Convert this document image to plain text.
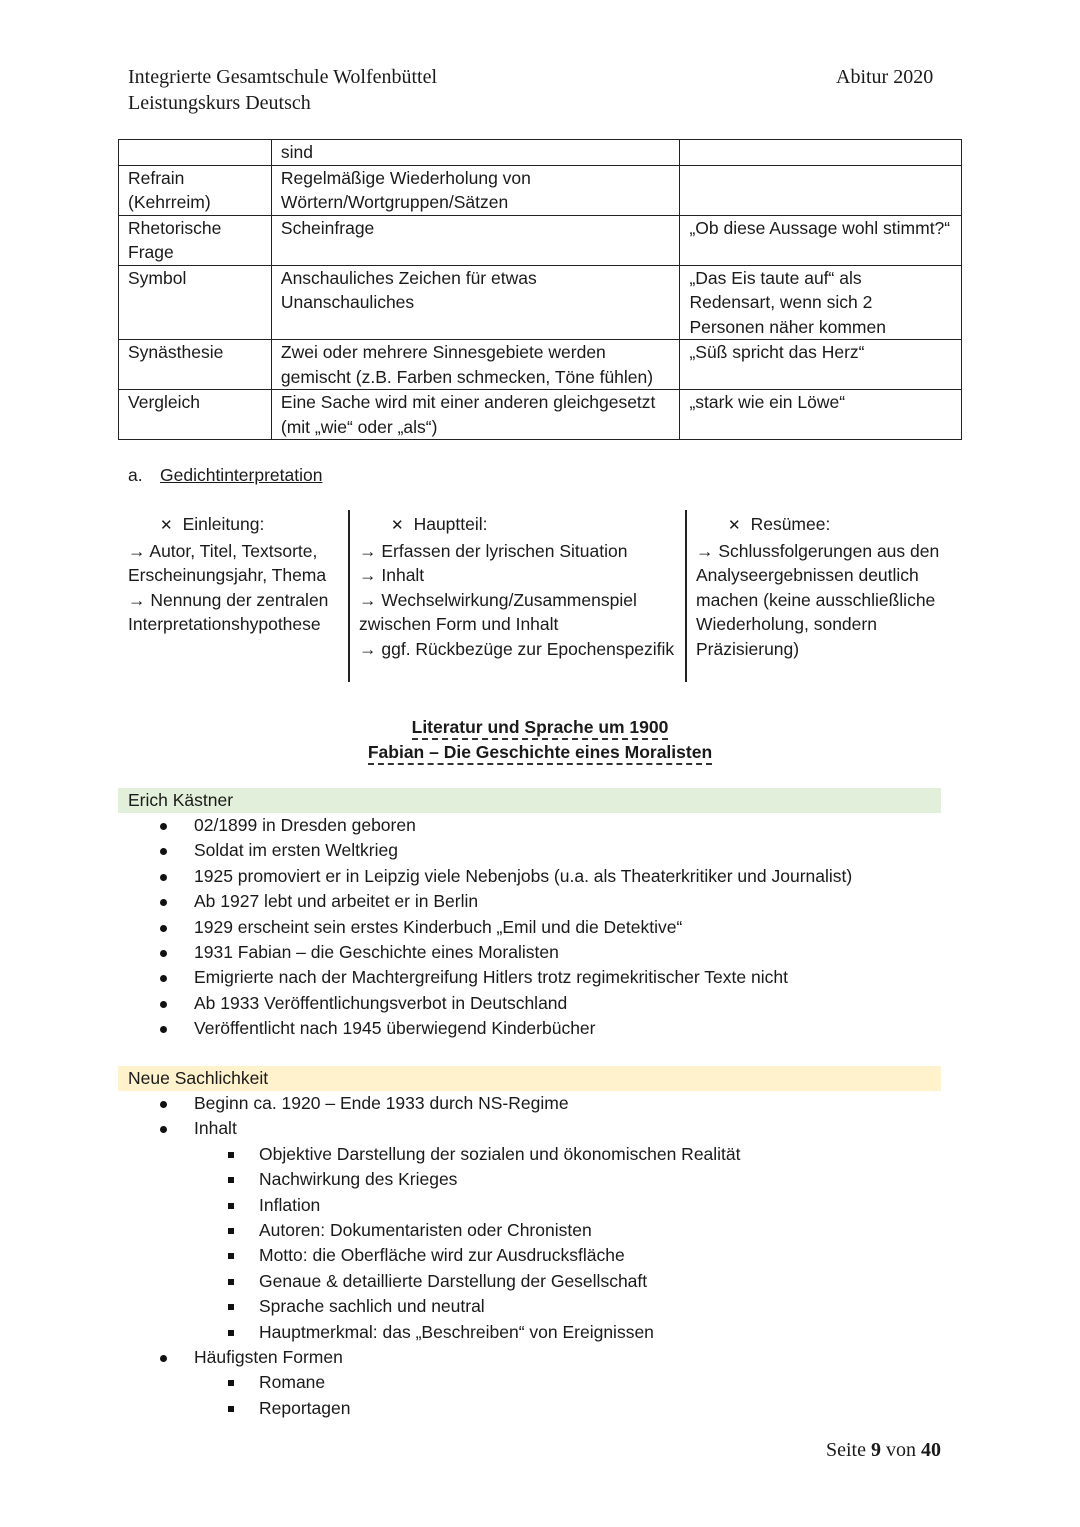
Integrierte Gesamtschule Wolfenbüttel
Leistungskurs Deutsch
Abitur 2020
	sind	
Refrain (Kehrreim)	Regelmäßige Wiederholung von Wörtern/Wortgruppen/Sätzen	
Rhetorische Frage	Scheinfrage	„Ob diese Aussage wohl stimmt?“
Symbol	Anschauliches Zeichen für etwas Unanschauliches	„Das Eis taute auf“ als Redensart, wenn sich 2 Personen näher kommen
Synästhesie	Zwei oder mehrere Sinnesgebiete werden gemischt (z.B. Farben schmecken, Töne fühlen)	„Süß spricht das Herz“
Vergleich	Eine Sache wird mit einer anderen gleichgesetzt (mit „wie“ oder „als“)	„stark wie ein Löwe“
a. Gedichtinterpretation
✕ Einleitung:
→ Autor, Titel, Textsorte, Erscheinungsjahr, Thema
→ Nennung der zentralen Interpretationshypothese
✕ Hauptteil:
→ Erfassen der lyrischen Situation
→ Inhalt
→ Wechselwirkung/Zusammenspiel zwischen Form und Inhalt
→ ggf. Rückbezüge zur Epochenspezifik
✕ Resümee:
→ Schlussfolgerungen aus den Analyseergebnissen deutlich machen (keine ausschließliche Wiederholung, sondern Präzisierung)
Literatur und Sprache um 1900
Fabian – Die Geschichte eines Moralisten
Erich Kästner
02/1899 in Dresden geboren
Soldat im ersten Weltkrieg
1925 promoviert er in Leipzig viele Nebenjobs (u.a. als Theaterkritiker und Journalist)
Ab 1927 lebt und arbeitet er in Berlin
1929 erscheint sein erstes Kinderbuch „Emil und die Detektive“
1931 Fabian – die Geschichte eines Moralisten
Emigrierte nach der Machtergreifung Hitlers trotz regimekritischer Texte nicht
Ab 1933 Veröffentlichungsverbot in Deutschland
Veröffentlicht nach 1945 überwiegend Kinderbücher
Neue Sachlichkeit
Beginn ca. 1920 – Ende 1933 durch NS-Regime
Inhalt
Objektive Darstellung der sozialen und ökonomischen Realität
Nachwirkung des Krieges
Inflation
Autoren: Dokumentaristen oder Chronisten
Motto: die Oberfläche wird zur Ausdrucksfläche
Genaue & detaillierte Darstellung der Gesellschaft
Sprache sachlich und neutral
Hauptmerkmal: das „Beschreiben“ von Ereignissen
Häufigsten Formen
Romane
Reportagen
Seite 9 von 40
